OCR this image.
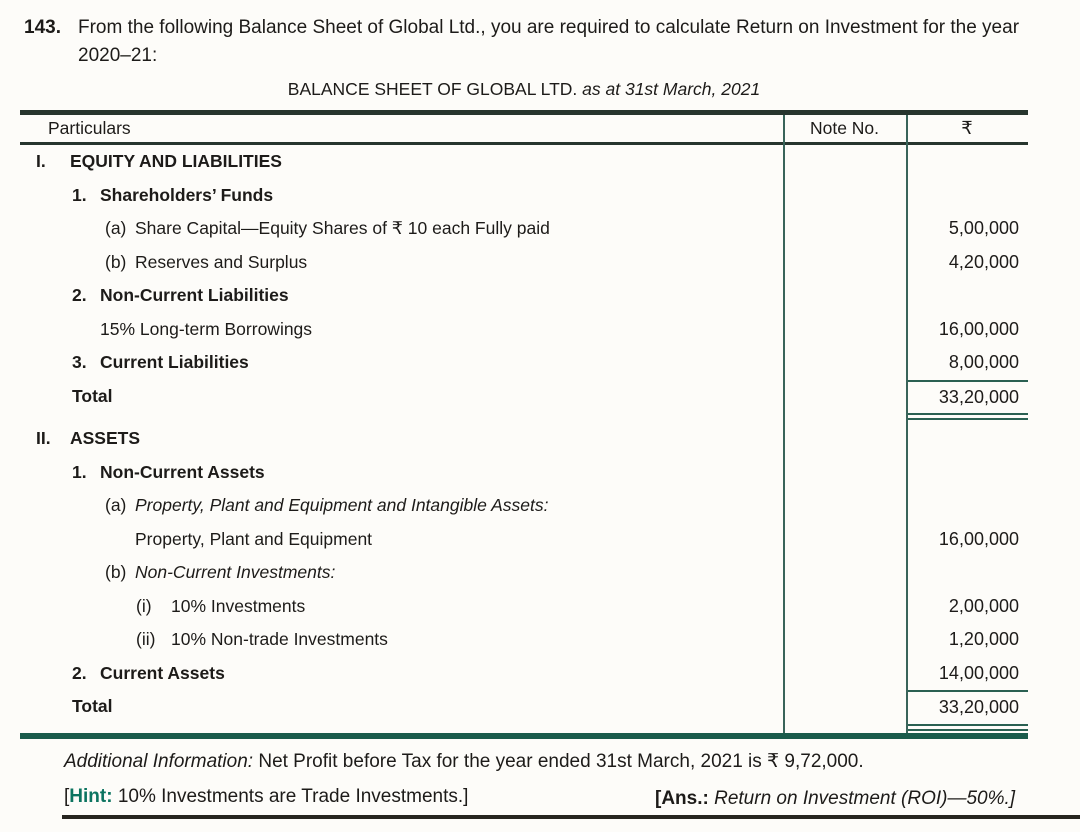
143. From the following Balance Sheet of Global Ltd., you are required to calculate Return on Investment for the year 2020–21:
BALANCE SHEET OF GLOBAL LTD. as at 31st March, 2021
Particulars	Note No.	₹
I.	EQUITY AND LIABILITIES
1. Shareholders’ Funds
(a) Share Capital—Equity Shares of ₹ 10 each Fully paid	5,00,000
(b) Reserves and Surplus	4,20,000
2. Non-Current Liabilities
15% Long-term Borrowings	16,00,000
3. Current Liabilities	8,00,000
Total	33,20,000
II.	ASSETS
1. Non-Current Assets
(a) Property, Plant and Equipment and Intangible Assets:
Property, Plant and Equipment	16,00,000
(b) Non-Current Investments:
(i)	10% Investments	2,00,000
(ii) 10% Non-trade Investments	1,20,000
2. Current Assets	14,00,000
Total	33,20,000
Additional Information: Net Profit before Tax for the year ended 31st March, 2021 is ₹ 9,72,000.
[Hint: 10% Investments are Trade Investments.]	[Ans.: Return on Investment (ROI)—50%.]
